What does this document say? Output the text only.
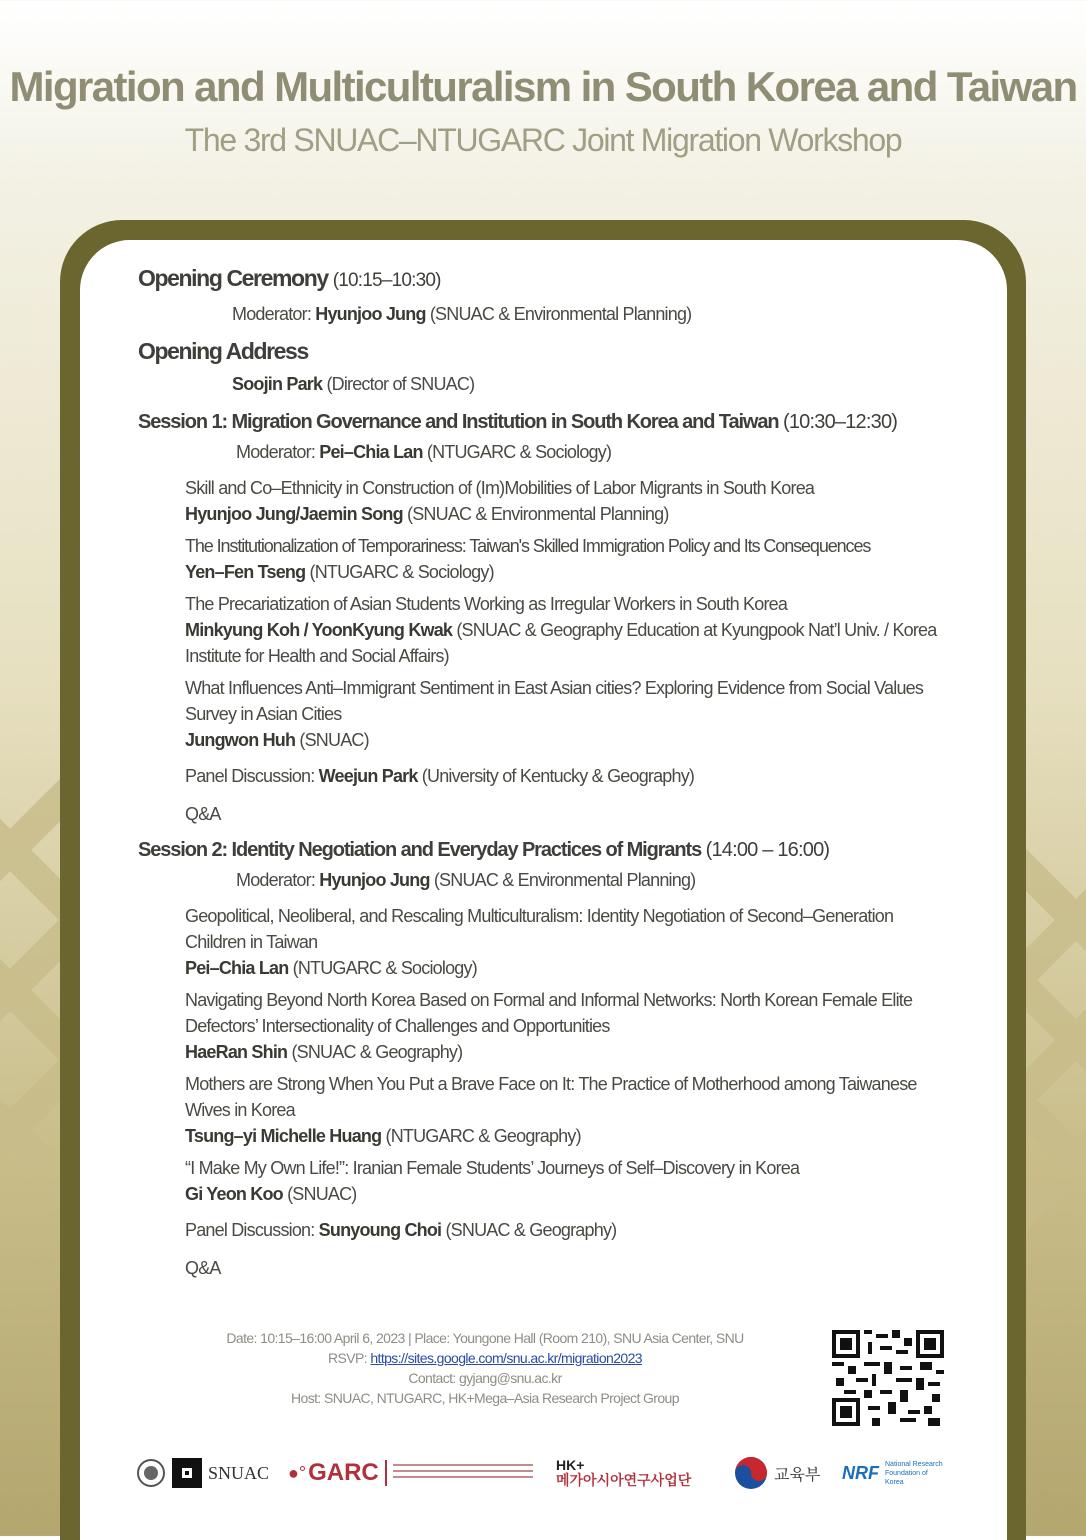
Migration and Multiculturalism in South Korea and Taiwan
The 3rd SNUAC–NTUGARC Joint Migration Workshop
Opening Ceremony (10:15–10:30)
Moderator: Hyunjoo Jung (SNUAC & Environmental Planning)
Opening Address
Soojin Park (Director of SNUAC)
Session 1: Migration Governance and Institution in South Korea and Taiwan (10:30–12:30)
Moderator: Pei–Chia Lan (NTUGARC & Sociology)
Skill and Co–Ethnicity in Construction of (Im)Mobilities of Labor Migrants in South Korea
Hyunjoo Jung/Jaemin Song (SNUAC & Environmental Planning)
The Institutionalization of Temporariness: Taiwan's Skilled Immigration Policy and Its Consequences
Yen–Fen Tseng (NTUGARC & Sociology)
The Precariatization of Asian Students Working as Irregular Workers in South Korea
Minkyung Koh / YoonKyung Kwak (SNUAC & Geography Education at Kyungpook Nat’l Univ. / Korea Institute for Health and Social Affairs)
What Influences Anti–Immigrant Sentiment in East Asian cities? Exploring Evidence from Social Values Survey in Asian Cities
Jungwon Huh (SNUAC)
Panel Discussion: Weejun Park (University of Kentucky & Geography)
Q&A
Session 2: Identity Negotiation and Everyday Practices of Migrants (14:00 – 16:00)
Moderator: Hyunjoo Jung (SNUAC & Environmental Planning)
Geopolitical, Neoliberal, and Rescaling Multiculturalism: Identity Negotiation of Second–Generation Children in Taiwan
Pei–Chia Lan (NTUGARC & Sociology)
Navigating Beyond North Korea Based on Formal and Informal Networks: North Korean Female Elite Defectors’ Intersectionality of Challenges and Opportunities
HaeRan Shin (SNUAC & Geography)
Mothers are Strong When You Put a Brave Face on It: The Practice of Motherhood among Taiwanese Wives in Korea
Tsung–yi Michelle Huang (NTUGARC & Geography)
“I Make My Own Life!”: Iranian Female Students’ Journeys of Self–Discovery in Korea
Gi Yeon Koo (SNUAC)
Panel Discussion: Sunyoung Choi (SNUAC & Geography)
Q&A
Date: 10:15–16:00 April 6, 2023 | Place: Youngone Hall (Room 210), SNU Asia Center, SNU
RSVP: https://sites.google.com/snu.ac.kr/migration2023
Contact: gyjang@snu.ac.kr
Host: SNUAC, NTUGARC, HK+Mega–Asia Research Project Group
SNUAC ●° GARC	HK+
메가아시아연구사업단	교육부 NRF National Research Foundation of Korea
